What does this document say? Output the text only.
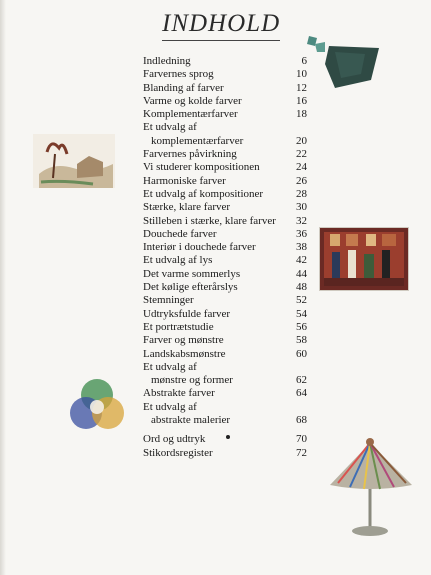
INDHOLD
Indledning	6
Farvernes sprog	10
Blanding af farver	12
Varme og kolde farver	16
Komplementærfarver	18
Et udvalg af
komplementærfarver	20
Farvernes påvirkning	22
Vi studerer kompositionen	24
Harmoniske farver	26
Et udvalg af kompositioner	28
Stærke, klare farver	30
Stilleben i stærke, klare farver 32
Douchede farver	36
Interiør i douchede farver	38
Et udvalg af lys	42
Det varme sommerlys	44
Det kølige efterårslys	48
Stemninger	52
Udtryksfulde farver	54
Et portrætstudie	56
Farver og mønstre	58
Landskabsmønstre	60
Et udvalg af
mønstre og former	62
Abstrakte farver	64
Et udvalg af
abstrakte malerier	68
Ord og udtryk	70
Stikordsregister	72
